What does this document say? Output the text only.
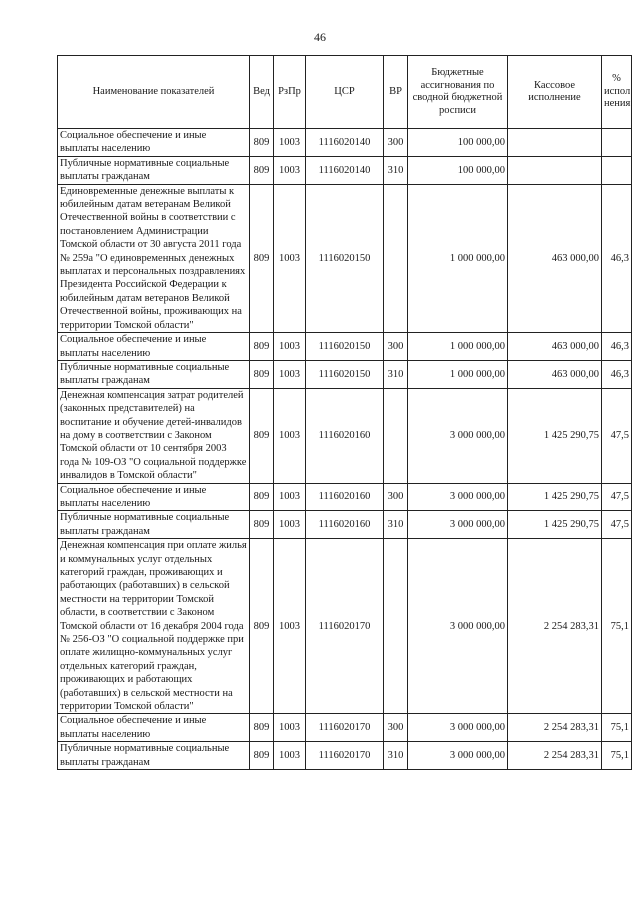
46
Наименование показателей	Вед	РзПр	ЦСР	ВР	Бюджетные ассигнования по сводной бюджетной росписи	Кассовое исполнение	% испол нения
Социальное обеспечение и иные выплаты населению	809	1003	1116020140	300	100 000,00		
Публичные нормативные социальные выплаты гражданам	809	1003	1116020140	310	100 000,00		
Единовременные денежные выплаты к юбилейным датам ветеранам Великой Отечественной войны в соответствии с постановлением Администрации Томской области от 30 августа 2011 года № 259а "О единовременных денежных выплатах и персональных поздравлениях Президента Российской Федерации к юбилейным датам ветеранов Великой Отечественной войны, проживающих на территории Томской области"	809	1003	1116020150		1 000 000,00	463 000,00	46,3
Социальное обеспечение и иные выплаты населению	809	1003	1116020150	300	1 000 000,00	463 000,00	46,3
Публичные нормативные социальные выплаты гражданам	809	1003	1116020150	310	1 000 000,00	463 000,00	46,3
Денежная компенсация затрат родителей (законных представителей) на воспитание и обучение детей-инвалидов на дому в соответствии с Законом Томской области от 10 сентября 2003 года № 109-ОЗ "О социальной поддержке инвалидов в Томской области"	809	1003	1116020160		3 000 000,00	1 425 290,75	47,5
Социальное обеспечение и иные выплаты населению	809	1003	1116020160	300	3 000 000,00	1 425 290,75	47,5
Публичные нормативные социальные выплаты гражданам	809	1003	1116020160	310	3 000 000,00	1 425 290,75	47,5
Денежная компенсация при оплате жилья и коммунальных услуг отдельных категорий граждан, проживающих и работающих (работавших) в сельской местности на территории Томской области, в соответствии с Законом Томской области от 16 декабря 2004 года № 256-ОЗ "О социальной поддержке при оплате жилищно-коммунальных услуг отдельных категорий граждан, проживающих и работающих (работавших) в сельской местности на территории Томской области"	809	1003	1116020170		3 000 000,00	2 254 283,31	75,1
Социальное обеспечение и иные выплаты населению	809	1003	1116020170	300	3 000 000,00	2 254 283,31	75,1
Публичные нормативные социальные выплаты гражданам	809	1003	1116020170	310	3 000 000,00	2 254 283,31	75,1
